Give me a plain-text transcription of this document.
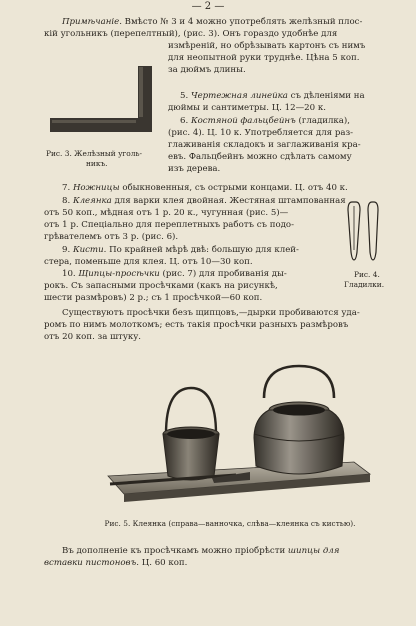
— 2 —
Примѣчаніе. Вмѣсто № 3 и 4 можно употреблять желѣзный плос-
кій угольникъ (перепелтный), (рис. 3). Онъ гораздо удобнѣе для
измѣреній, но обрѣзывать картонъ съ нимъ
для неопытной руки труднѣе. Цѣна 5 коп.
за дюймъ длины.
Рис. 3. Желѣзный уголь-
никъ.
5. Чертежная линейка съ дѣленіями на
дюймы и сантиметры. Ц. 12—20 к.
6. Костяной фальцбейнъ (гладилка),
(рис. 4). Ц. 10 к. Употребляется для раз-
глаживанія складокъ и заглаживанія кра-
евъ. Фальцбейнъ можно сдѣлать самому
изъ дерева.
7. Ножницы обыкновенныя, съ острыми концами. Ц. отъ 40 к.
8. Клеянка для варки клея двойная. Жестяная штампованная
отъ 50 коп., мѣдная отъ 1 р. 20 к., чугунная (рис. 5)—
отъ 1 р. Спеціально для переплетныхъ работъ съ подо-
грѣвателемъ отъ 3 р. (рис. 6).
Рис. 4.
Гладилки.
9. Кисти. По крайней мѣрѣ двѣ: большую для клей-
стера, поменьше для клея. Ц. отъ 10—30 коп.
10. Щипцы-просѣчки (рис. 7) для пробиванія ды-
рокъ. Съ запасными просѣчками (какъ на рисункѣ,
шести размѣровъ) 2 р.; съ 1 просѣчкой—60 коп.
Существуютъ просѣчки безъ щипцовъ,—дырки пробиваются уда-
ромъ по нимъ молоткомъ; есть такія просѣчки разныхъ размѣровъ
отъ 20 коп. за штуку.
Рис. 5. Клеянка (справа—ванночка, слѣва—клеянка съ кистью).
Въ дополненіе къ просѣчкамъ можно пріобрѣсти шипцы для
вставки пистоновъ. Ц. 60 коп.
